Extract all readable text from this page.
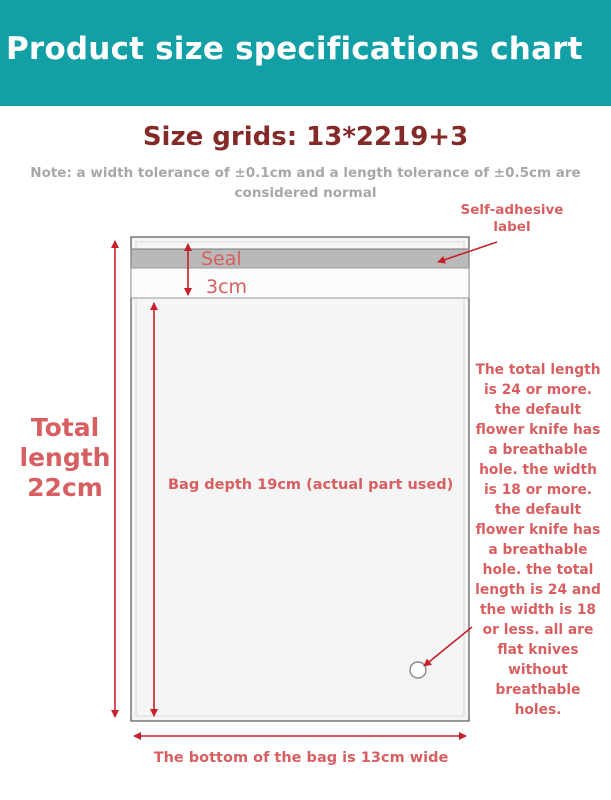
Product size specifications chart
Size grids: 13*2219+3
Note: a width tolerance of ±0.1cm and a length tolerance of ±0.5cm are considered normal
Self-adhesive label
Seal
3cm
Total length 22cm	Bag depth 19cm (actual part used)
The total length is 24 or more. the default flower knife has a breathable hole. the width is 18 or more. the default flower knife has a breathable hole. the total length is 24 and the width is 18 or less. all are flat knives without breathable holes.
The bottom of the bag is 13cm wide
